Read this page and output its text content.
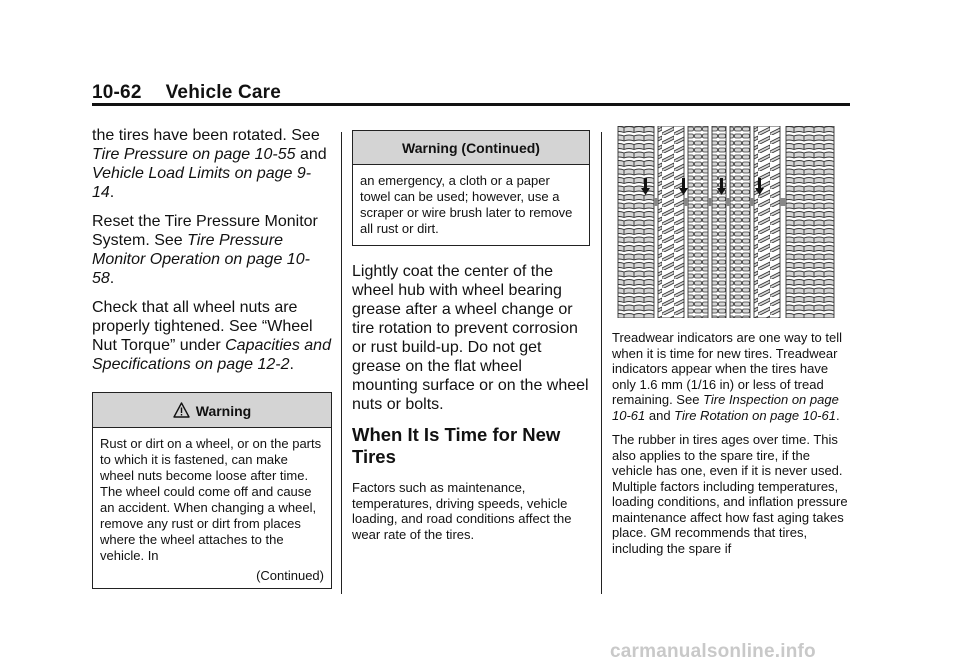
10-62 Vehicle Care

the tires have been rotated. See Tire Pressure on page 10-55 and Vehicle Load Limits on page 9-14.

Reset the Tire Pressure Monitor System. See Tire Pressure Monitor Operation on page 10-58.

Check that all wheel nuts are properly tightened. See “Wheel Nut Torque” under Capacities and Specifications on page 12-2.

Warning
Rust or dirt on a wheel, or on the parts to which it is fastened, can make wheel nuts become loose after time. The wheel could come off and cause an accident. When changing a wheel, remove any rust or dirt from places where the wheel attaches to the vehicle. In
(Continued)
Warning (Continued)
an emergency, a cloth or a paper towel can be used; however, use a scraper or wire brush later to remove all rust or dirt.

Lightly coat the center of the wheel hub with wheel bearing grease after a wheel change or tire rotation to prevent corrosion or rust build-up. Do not get grease on the flat wheel mounting surface or on the wheel nuts or bolts.

When It Is Time for New Tires

Factors such as maintenance, temperatures, driving speeds, vehicle loading, and road conditions affect the wear rate of the tires.

Treadwear indicators are one way to tell when it is time for new tires. Treadwear indicators appear when the tires have only 1.6 mm (1/16 in) or less of tread remaining. See Tire Inspection on page 10-61 and Tire Rotation on page 10-61.

The rubber in tires ages over time. This also applies to the spare tire, if the vehicle has one, even if it is never used. Multiple factors including temperatures, loading conditions, and inflation pressure maintenance affect how fast aging takes place. GM recommends that tires, including the spare if

carmanualsonline.info
